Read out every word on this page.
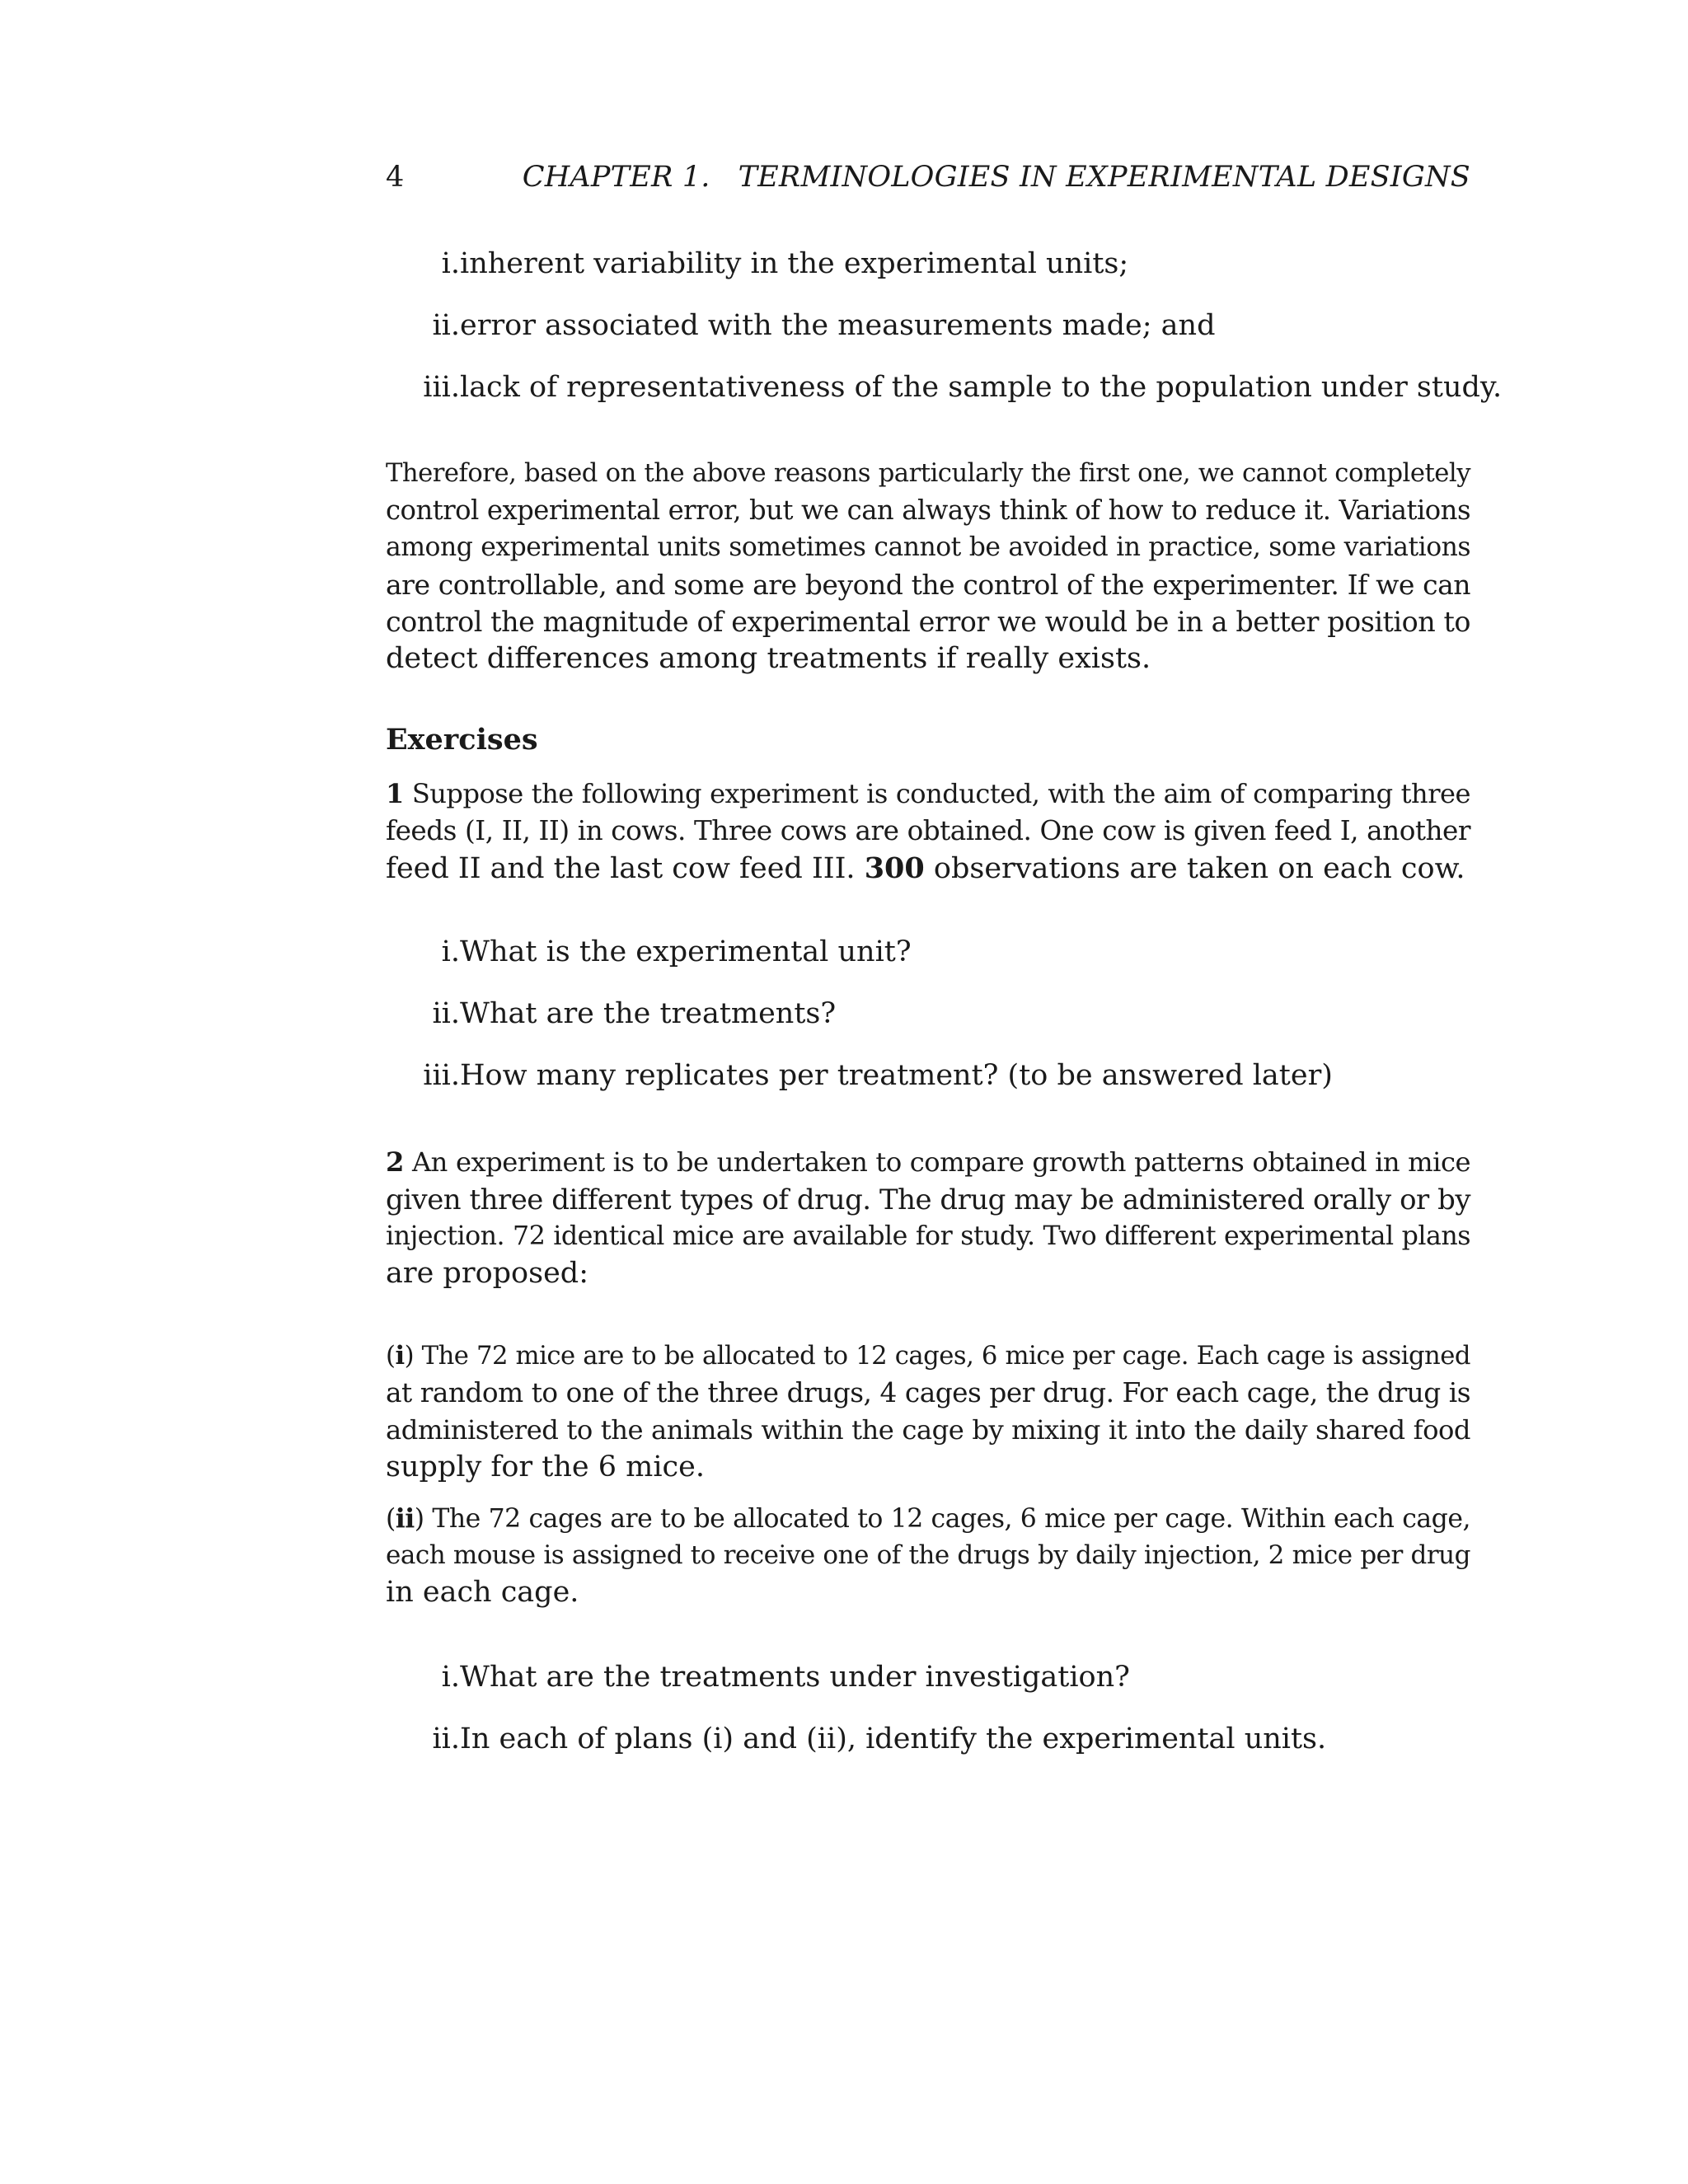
4	CHAPTER 1.   TERMINOLOGIES IN EXPERIMENTAL DESIGNS
i. inherent variability in the experimental units;
ii. error associated with the measurements made; and
iii. lack of representativeness of the sample to the population under study.
Therefore, based on the above reasons particularly the first one, we cannot completely
control experimental error, but we can always think of how to reduce it. Variations
among experimental units sometimes cannot be avoided in practice, some variations
are controllable, and some are beyond the control of the experimenter. If we can
control the magnitude of experimental error we would be in a better position to
detect differences among treatments if really exists.
Exercises
1 Suppose the following experiment is conducted, with the aim of comparing three
feeds (I, II, II) in cows. Three cows are obtained. One cow is given feed I, another
feed II and the last cow feed III. 300 observations are taken on each cow.
i. What is the experimental unit?
ii. What are the treatments?
iii. How many replicates per treatment? (to be answered later)
2 An experiment is to be undertaken to compare growth patterns obtained in mice
given three different types of drug. The drug may be administered orally or by
injection. 72 identical mice are available for study. Two different experimental plans
are proposed:
(i) The 72 mice are to be allocated to 12 cages, 6 mice per cage. Each cage is assigned
at random to one of the three drugs, 4 cages per drug. For each cage, the drug is
administered to the animals within the cage by mixing it into the daily shared food
supply for the 6 mice.
(ii) The 72 cages are to be allocated to 12 cages, 6 mice per cage. Within each cage,
each mouse is assigned to receive one of the drugs by daily injection, 2 mice per drug
in each cage.
i. What are the treatments under investigation?
ii. In each of plans (i) and (ii), identify the experimental units.
